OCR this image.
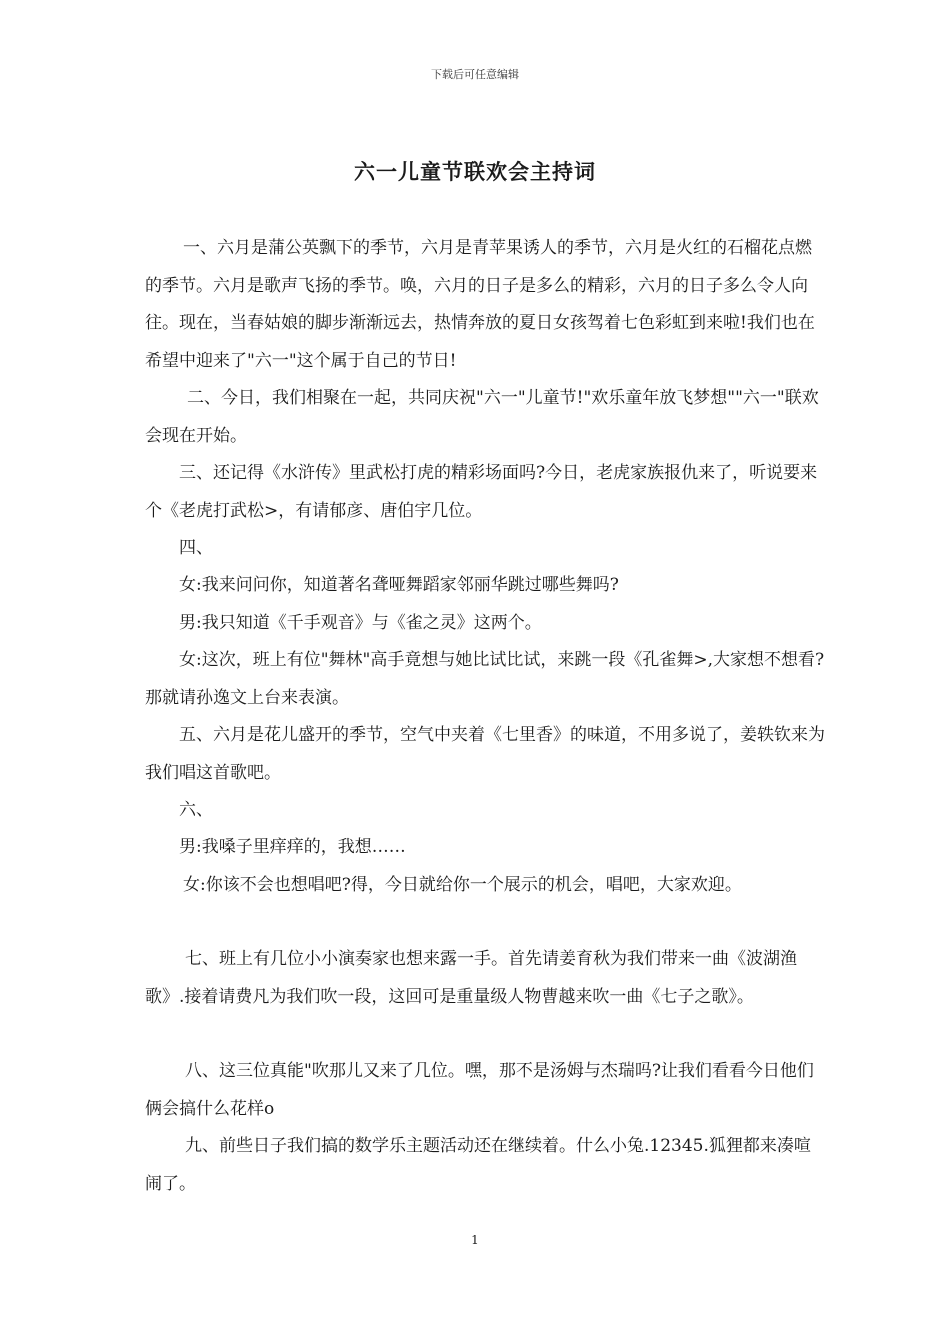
下载后可任意编辑
六一儿童节联欢会主持词

一、六月是蒲公英飘下的季节，六月是青苹果诱人的季节，六月是火红的石榴花点燃的季节。六月是歌声飞扬的季节。唤，六月的日子是多么的精彩，六月的日子多么令人向往。现在，当春姑娘的脚步渐渐远去，热情奔放的夏日女孩驾着七色彩虹到来啦!我们也在希望中迎来了"六一"这个属于自己的节日!

二、今日，我们相聚在一起，共同庆祝"六一"儿童节!"欢乐童年放飞梦想""六一"联欢会现在开始。

三、还记得《水浒传》里武松打虎的精彩场面吗?今日，老虎家族报仇来了，听说要来个《老虎打武松>，有请郁彦、唐伯宇几位。

四、

女:我来问问你，知道著名聋哑舞蹈家邻丽华跳过哪些舞吗?

男:我只知道《千手观音》与《雀之灵》这两个。

女:这次，班上有位"舞林"高手竟想与她比试比试，来跳一段《孔雀舞>,大家想不想看?那就请孙逸文上台来表演。

五、六月是花儿盛开的季节，空气中夹着《七里香》的味道，不用多说了，姜轶钦来为我们唱这首歌吧。

六、

男:我嗓子里痒痒的，我想……

女:你该不会也想唱吧?得，今日就给你一个展示的机会，唱吧，大家欢迎。

七、班上有几位小小演奏家也想来露一手。首先请姜育秋为我们带来一曲《波湖渔歌》.接着请费凡为我们吹一段，这回可是重量级人物曹越来吹一曲《七子之歌》。

八、这三位真能"吹那儿又来了几位。嘿，那不是汤姆与杰瑞吗?让我们看看今日他们俩会搞什么花样o

九、前些日子我们搞的数学乐主题活动还在继续着。什么小兔.12345.狐狸都来凑喧闹了。

1
